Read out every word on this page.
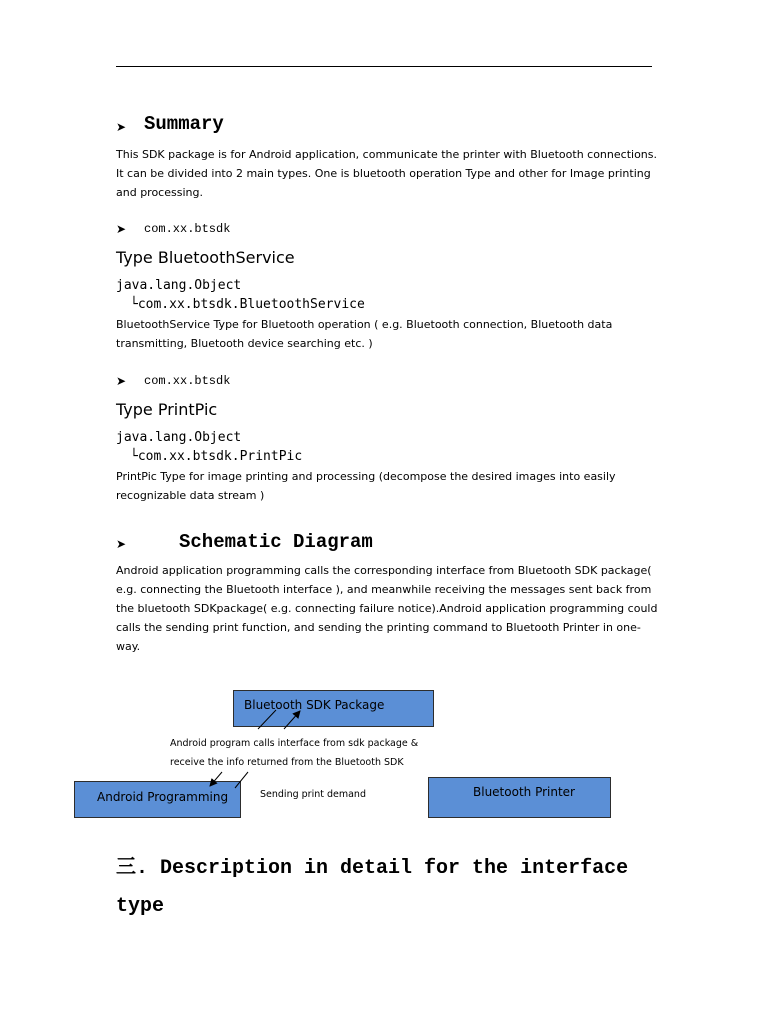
➤ Summary
This SDK package is for Android application, communicate the printer with Bluetooth connections. It can be divided into 2 main types. One is bluetooth operation Type and other for Image printing and processing.
➤ com.xx.btsdk
Type BluetoothService
java.lang.Object
└com.xx.btsdk.BluetoothService
BluetoothService Type for Bluetooth operation ( e.g. Bluetooth connection, Bluetooth data transmitting, Bluetooth device searching etc. )
➤ com.xx.btsdk
Type PrintPic
java.lang.Object
└com.xx.btsdk.PrintPic
PrintPic Type for image printing and processing (decompose the desired images into easily recognizable data stream )
➤	Schematic Diagram
Android application programming calls the corresponding interface from Bluetooth SDK package( e.g. connecting the Bluetooth interface ), and meanwhile receiving the messages sent back from the bluetooth SDKpackage( e.g. connecting failure notice).Android application programming could calls the sending print function, and sending the printing command to Bluetooth Printer in one-way.
Bluetooth SDK Package
Android Programming	Bluetooth Printer
Android program calls interface from sdk package &
receive the info returned from the Bluetooth SDK
Sending print demand
三. Description in detail for the interface type
